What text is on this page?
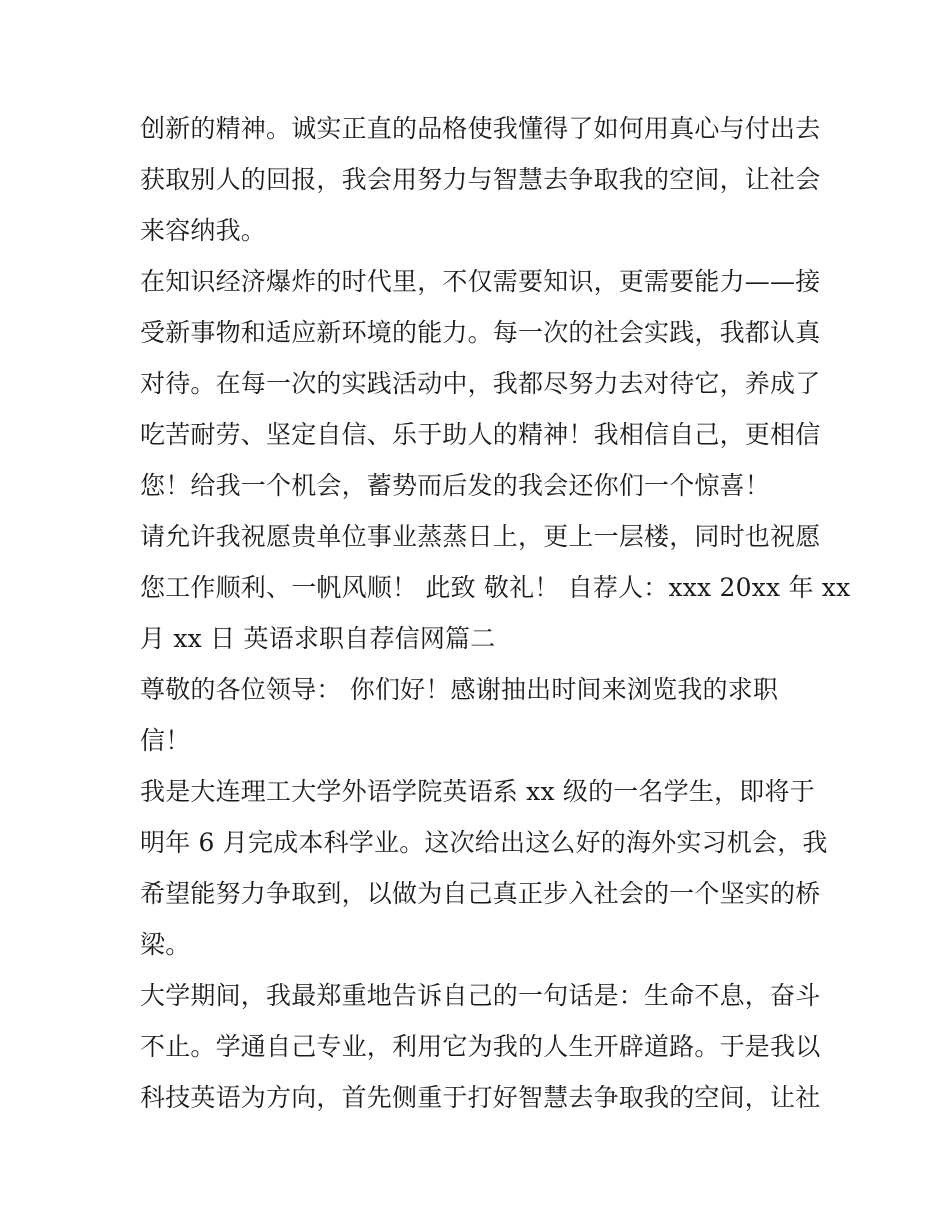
创新的精神。诚实正直的品格使我懂得了如何用真心与付出去
获取别人的回报，我会用努力与智慧去争取我的空间，让社会
来容纳我。
在知识经济爆炸的时代里，不仅需要知识，更需要能力——接
受新事物和适应新环境的能力。每一次的社会实践，我都认真
对待。在每一次的实践活动中，我都尽努力去对待它，养成了
吃苦耐劳、坚定自信、乐于助人的精神！我相信自己，更相信
您！给我一个机会，蓄势而后发的我会还你们一个惊喜！
请允许我祝愿贵单位事业蒸蒸日上，更上一层楼，同时也祝愿
您工作顺利、一帆风顺！ 此致 敬礼！ 自荐人：xxx 20xx 年 xx
月 xx 日 英语求职自荐信网篇二
尊敬的各位领导： 你们好！感谢抽出时间来浏览我的求职
信！
我是大连理工大学外语学院英语系 xx 级的一名学生，即将于
明年 6 月完成本科学业。这次给出这么好的海外实习机会，我
希望能努力争取到，以做为自己真正步入社会的一个坚实的桥
梁。
大学期间，我最郑重地告诉自己的一句话是：生命不息，奋斗
不止。学通自己专业，利用它为我的人生开辟道路。于是我以
科技英语为方向，首先侧重于打好智慧去争取我的空间，让社
